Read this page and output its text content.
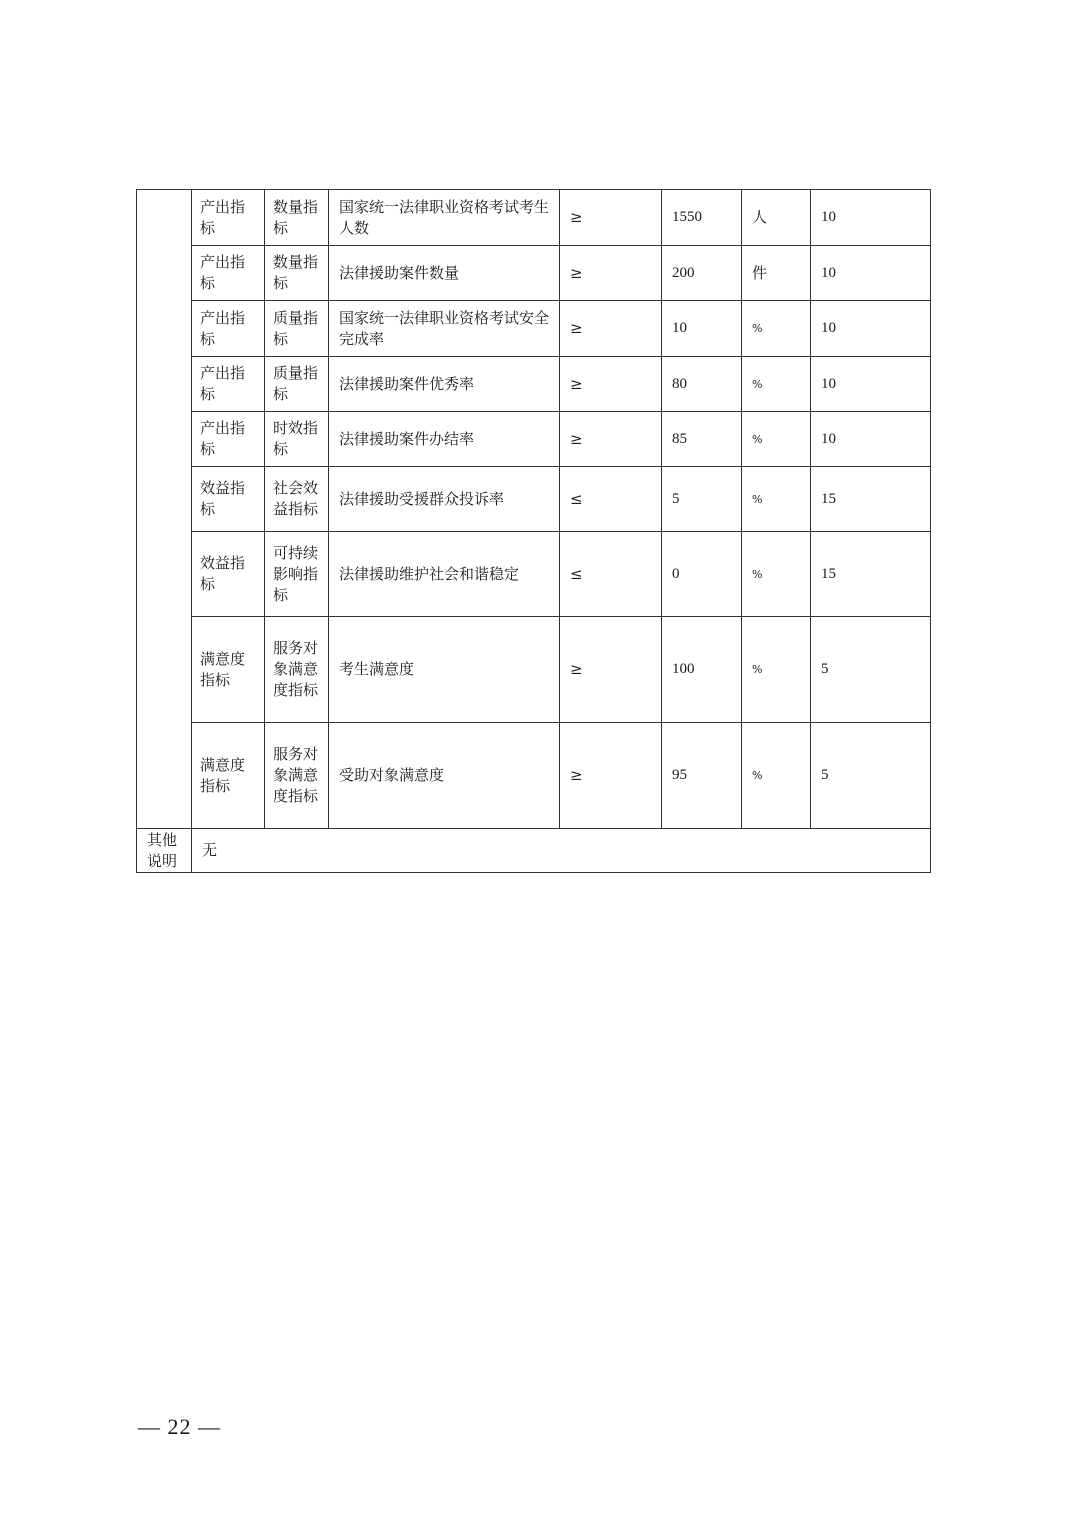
	产出指标	数量指标	国家统一法律职业资格考试考生人数	≥	1550	人	10
	产出指标	数量指标	法律援助案件数量	≥	200	件	10
	产出指标	质量指标	国家统一法律职业资格考试安全完成率	≥	10	%	10
	产出指标	质量指标	法律援助案件优秀率	≥	80	%	10
	产出指标	时效指标	法律援助案件办结率	≥	85	%	10
	效益指标	社会效益指标	法律援助受援群众投诉率	≤	5	%	15
	效益指标	可持续影响指标	法律援助维护社会和谐稳定	≤	0	%	15
	满意度指标	服务对象满意度指标	考生满意度	≥	100	%	5
	满意度指标	服务对象满意度指标	受助对象满意度	≥	95	%	5
其他说明	无						
— 22 —
